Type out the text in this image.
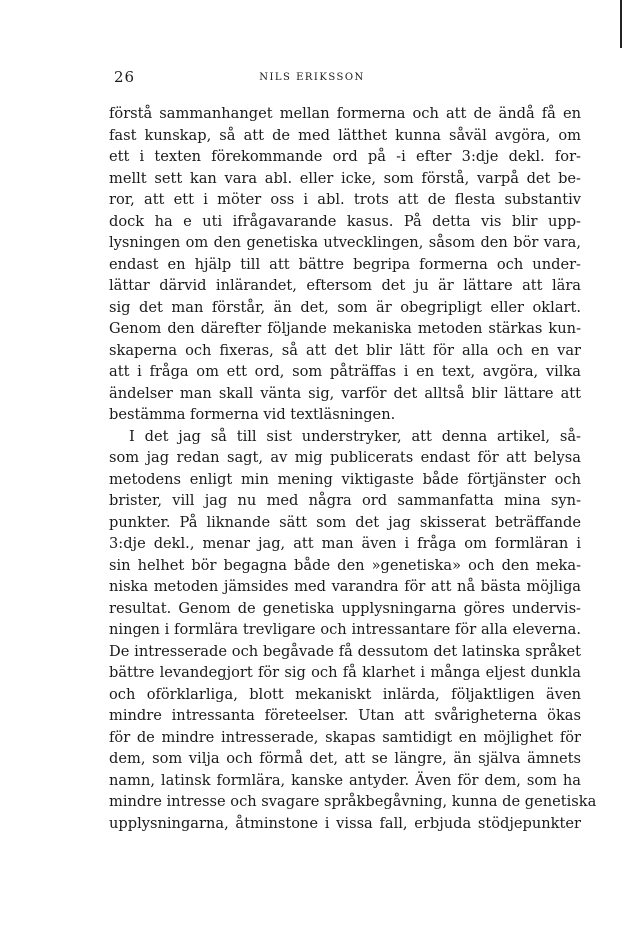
26	NILS ERIKSSON
förstå sammanhanget mellan formerna och att de ändå få en
fast kunskap, så att de med lätthet kunna såväl avgöra, om
ett i texten förekommande ord på -i efter 3:dje dekl. for-
mellt sett kan vara abl. eller icke, som förstå, varpå det be-
ror, att ett i möter oss i abl. trots att de flesta substantiv
dock ha e uti ifrågavarande kasus. På detta vis blir upp-
lysningen om den genetiska utvecklingen, såsom den bör vara,
endast en hjälp till att bättre begripa formerna och under-
lättar därvid inlärandet, eftersom det ju är lättare att lära
sig det man förstår, än det, som är obegripligt eller oklart.
Genom den därefter följande mekaniska metoden stärkas kun-
skaperna och fixeras, så att det blir lätt för alla och en var
att i fråga om ett ord, som påträffas i en text, avgöra, vilka
ändelser man skall vänta sig, varför det alltså blir lättare att
bestämma formerna vid textläsningen.
I det jag så till sist understryker, att denna artikel, så-
som jag redan sagt, av mig publicerats endast för att belysa
metodens enligt min mening viktigaste både förtjänster och
brister, vill jag nu med några ord sammanfatta mina syn-
punkter. På liknande sätt som det jag skisserat beträffande
3:dje dekl., menar jag, att man även i fråga om formläran i
sin helhet bör begagna både den »genetiska» och den meka-
niska metoden jämsides med varandra för att nå bästa möjliga
resultat. Genom de genetiska upplysningarna göres undervis-
ningen i formlära trevligare och intressantare för alla eleverna.
De intresserade och begåvade få dessutom det latinska språket
bättre levandegjort för sig och få klarhet i många eljest dunkla
och oförklarliga, blott mekaniskt inlärda, följaktligen även
mindre intressanta företeelser. Utan att svårigheterna ökas
för de mindre intresserade, skapas samtidigt en möjlighet för
dem, som vilja och förmå det, att se längre, än själva ämnets
namn, latinsk formlära, kanske antyder. Även för dem, som ha
mindre intresse och svagare språkbegåvning, kunna de genetiska
upplysningarna, åtminstone i vissa fall, erbjuda stödjepunkter
